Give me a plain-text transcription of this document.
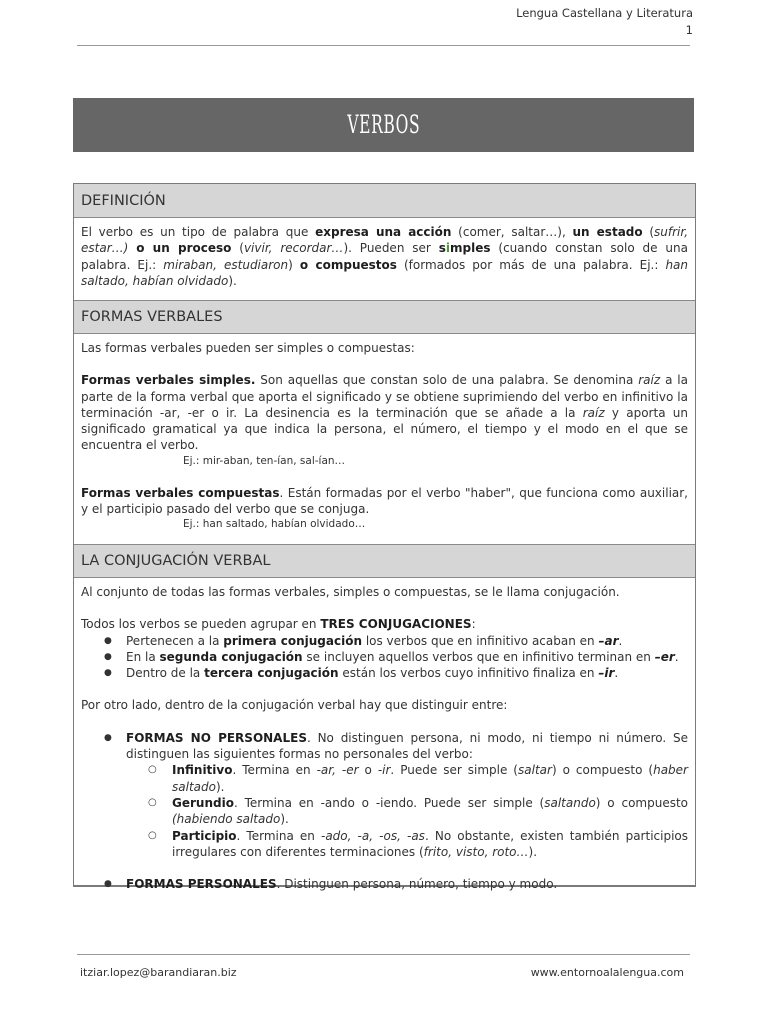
Lengua Castellana y Literatura
1
VERBOS
DEFINICIÓN

El verbo es un tipo de palabra que expresa una acción (comer, saltar…), un estado (sufrir, estar…) o un proceso (vivir, recordar…). Pueden ser simples (cuando constan solo de una palabra. Ej.: miraban, estudiaron) o compuestos (formados por más de una palabra. Ej.: han saltado, habían olvidado).

FORMAS VERBALES

Las formas verbales pueden ser simples o compuestas:

Formas verbales simples. Son aquellas que constan solo de una palabra. Se denomina raíz a la parte de la forma verbal que aporta el significado y se obtiene suprimiendo del verbo en infinitivo la terminación -ar, -er o ir. La desinencia es la terminación que se añade a la raíz y aporta un significado gramatical ya que indica la persona, el número, el tiempo y el modo en el que se encuentra el verbo.

Ej.: mir-aban, ten-ían, sal-ían…

Formas verbales compuestas. Están formadas por el verbo "haber", que funciona como auxiliar, y el participio pasado del verbo que se conjuga.

Ej.: han saltado, habían olvidado…

LA CONJUGACIÓN VERBAL

Al conjunto de todas las formas verbales, simples o compuestas, se le llama conjugación.

Todos los verbos se pueden agrupar en TRES CONJUGACIONES:

● Pertenecen a la primera conjugación los verbos que en infinitivo acaban en –ar.
● En la segunda conjugación se incluyen aquellos verbos que en infinitivo terminan en –er.
● Dentro de la tercera conjugación están los verbos cuyo infinitivo finaliza en –ir.

Por otro lado, dentro de la conjugación verbal hay que distinguir entre:

● FORMAS NO PERSONALES. No distinguen persona, ni modo, ni tiempo ni número. Se distinguen las siguientes formas no personales del verbo:
○ Infinitivo. Termina en -ar, -er o -ir. Puede ser simple (saltar) o compuesto (haber saltado).
○ Gerundio. Termina en -ando o -iendo. Puede ser simple (saltando) o compuesto (habiendo saltado).
○ Participio. Termina en -ado, -a, -os, -as. No obstante, existen también participios irregulares con diferentes terminaciones (frito, visto, roto…).
● FORMAS PERSONALES. Distinguen persona, número, tiempo y modo.
itziar.lopez@barandiaran.biz	www.entornoalalengua.com
